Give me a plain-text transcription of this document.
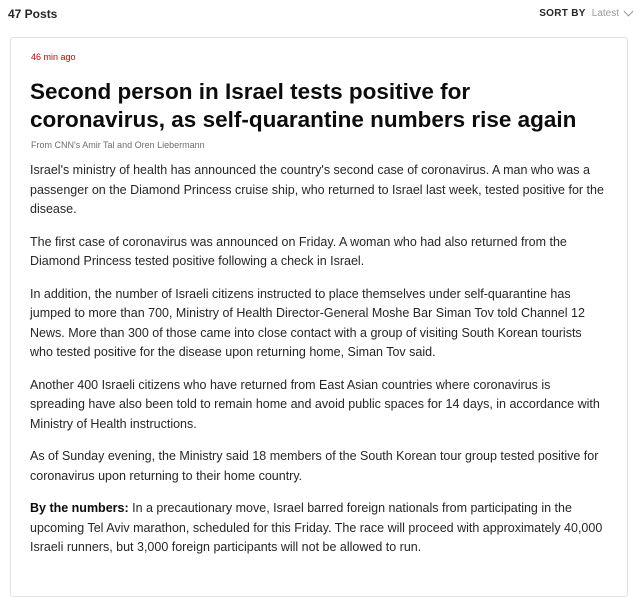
47 Posts	SORT BY Latest
46 min ago
Second person in Israel tests positive for coronavirus, as self-quarantine numbers rise again
From CNN's Amir Tal and Oren Liebermann

Israel's ministry of health has announced the country's second case of coronavirus. A man who was a passenger on the Diamond Princess cruise ship, who returned to Israel last week, tested positive for the disease.

The first case of coronavirus was announced on Friday. A woman who had also returned from the Diamond Princess tested positive following a check in Israel.

In addition, the number of Israeli citizens instructed to place themselves under self-quarantine has jumped to more than 700, Ministry of Health Director-General Moshe Bar Siman Tov told Channel 12 News. More than 300 of those came into close contact with a group of visiting South Korean tourists who tested positive for the disease upon returning home, Siman Tov said.

Another 400 Israeli citizens who have returned from East Asian countries where coronavirus is spreading have also been told to remain home and avoid public spaces for 14 days, in accordance with Ministry of Health instructions.

As of Sunday evening, the Ministry said 18 members of the South Korean tour group tested positive for coronavirus upon returning to their home country.

By the numbers: In a precautionary move, Israel barred foreign nationals from participating in the upcoming Tel Aviv marathon, scheduled for this Friday. The race will proceed with approximately 40,000 Israeli runners, but 3,000 foreign participants will not be allowed to run.
